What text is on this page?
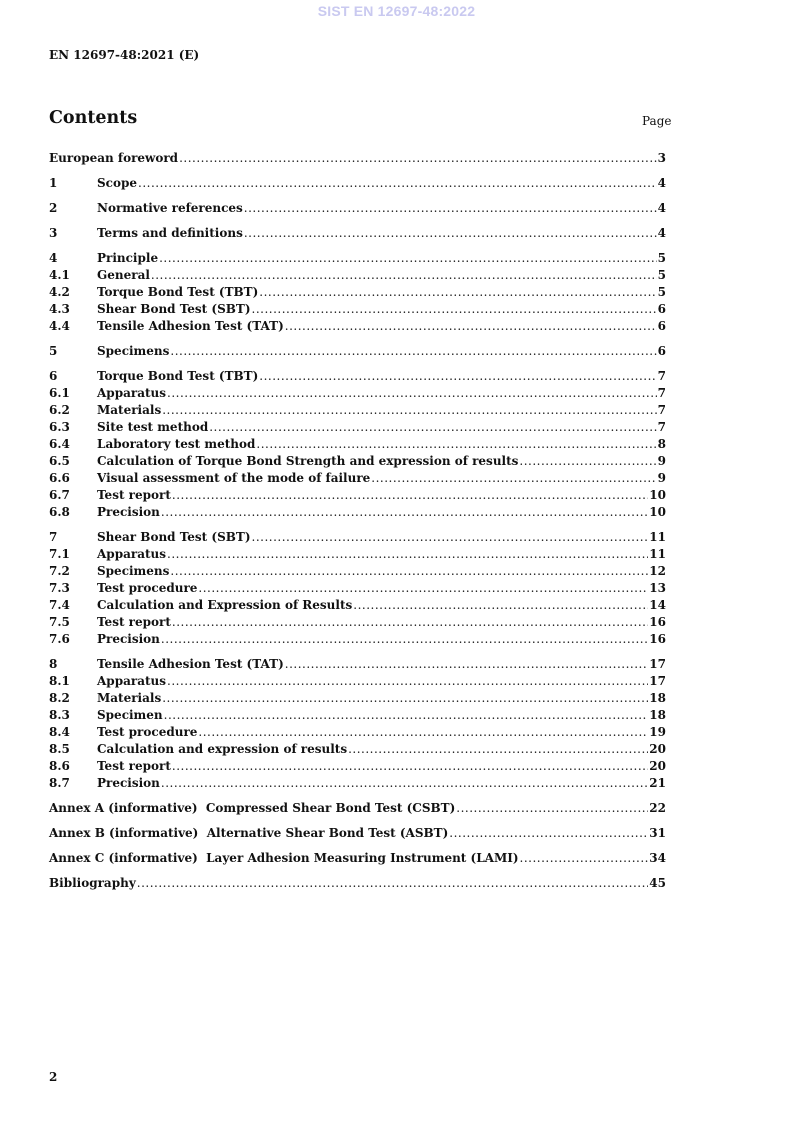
SIST EN 12697-48:2022
EN 12697-48:2021 (E)
Contents	Page
European foreword .....	3
1	Scope .....	4
2	Normative references .....	4
3	Terms and definitions .....	4
4	Principle .....	5
4.1	General .....	5
4.2	Torque Bond Test (TBT) .....	5
4.3	Shear Bond Test (SBT) .....	6
4.4	Tensile Adhesion Test (TAT) .....	6
5	Specimens .....	6
6	Torque Bond Test (TBT) .....	7
6.1	Apparatus .....	7
6.2	Materials .....	7
6.3	Site test method .....	7
6.4	Laboratory test method .....	8
6.5	Calculation of Torque Bond Strength and expression of results .....	9
6.6	Visual assessment of the mode of failure .....	9
6.7	Test report .....	10
6.8	Precision .....	10
7	Shear Bond Test (SBT) .....	11
7.1	Apparatus .....	11
7.2	Specimens .....	12
7.3	Test procedure .....	13
7.4	Calculation and Expression of Results .....	14
7.5	Test report .....	16
7.6	Precision .....	16
8	Tensile Adhesion Test (TAT) .....	17
8.1	Apparatus .....	17
8.2	Materials .....	18
8.3	Specimen .....	18
8.4	Test procedure .....	19
8.5	Calculation and expression of results .....	20
8.6	Test report .....	20
8.7	Precision .....	21
Annex A (informative)  Compressed Shear Bond Test (CSBT) .....	22
Annex B (informative)  Alternative Shear Bond Test (ASBT) .....	31
Annex C (informative)  Layer Adhesion Measuring Instrument (LAMI) .....	34
Bibliography .....	45
2
